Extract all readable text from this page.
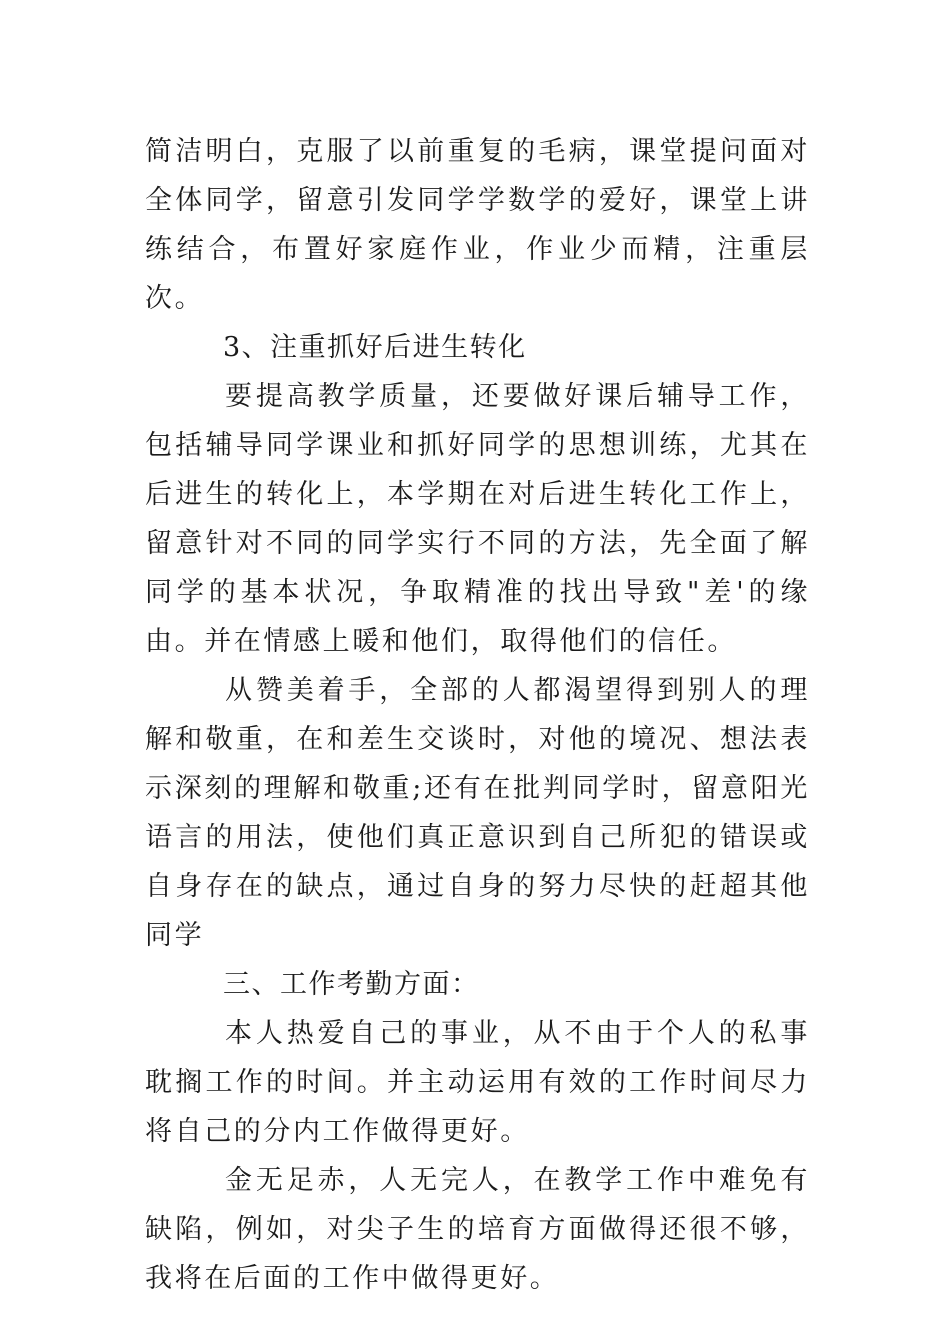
简洁明白，克服了以前重复的毛病，课堂提问面对全体同学，留意引发同学学数学的爱好，课堂上讲练结合，布置好家庭作业，作业少而精，注重层次。

3、注重抓好后进生转化

要提高教学质量，还要做好课后辅导工作，包括辅导同学课业和抓好同学的思想训练，尤其在后进生的转化上，本学期在对后进生转化工作上，留意针对不同的同学实行不同的方法，先全面了解同学的基本状况，争取精准的找出导致"差'的缘由。并在情感上暖和他们，取得他们的信任。

从赞美着手，全部的人都渴望得到别人的理解和敬重，在和差生交谈时，对他的境况、想法表示深刻的理解和敬重;还有在批判同学时，留意阳光语言的用法，使他们真正意识到自己所犯的错误或自身存在的缺点，通过自身的努力尽快的赶超其他同学

三、工作考勤方面：

本人热爱自己的事业，从不由于个人的私事耽搁工作的时间。并主动运用有效的工作时间尽力将自己的分内工作做得更好。

金无足赤，人无完人，在教学工作中难免有缺陷，例如，对尖子生的培育方面做得还很不够，我将在后面的工作中做得更好。
